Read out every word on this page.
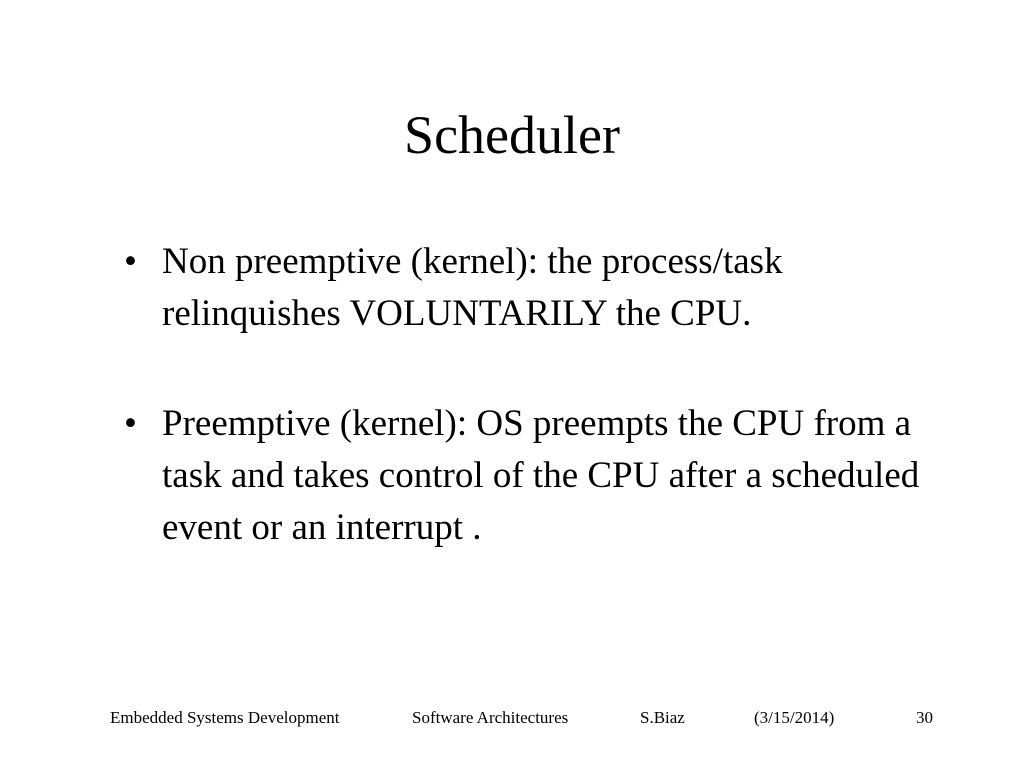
Scheduler
• Non preemptive (kernel): the process/task relinquishes VOLUNTARILY the CPU.
• Preemptive (kernel): OS preempts the CPU from a task and takes control of the CPU after a scheduled event or an interrupt .
Embedded Systems Development	Software Architectures	S.Biaz	(3/15/2014)	30
